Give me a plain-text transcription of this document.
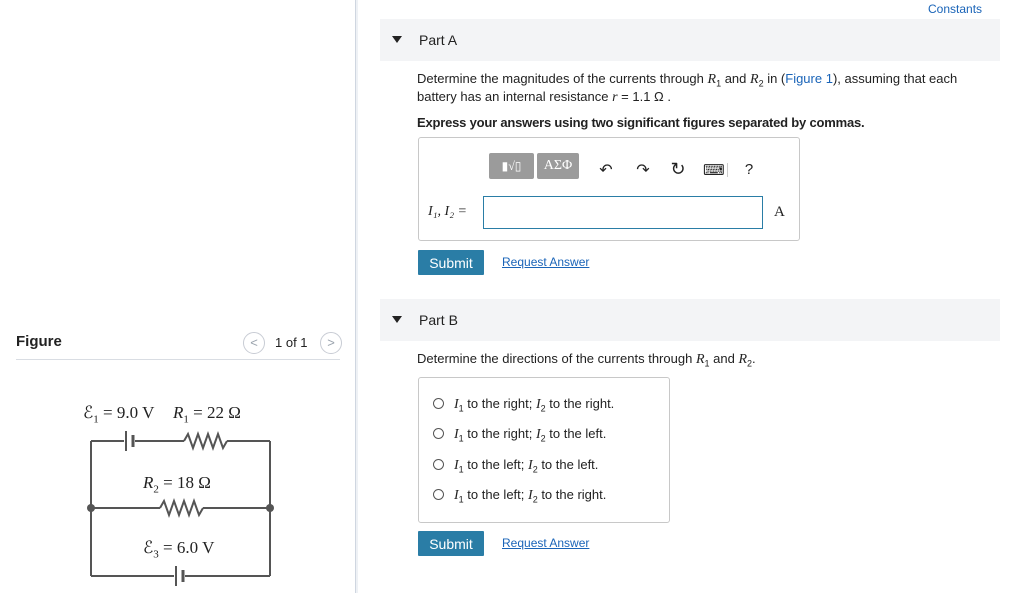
Figure	<	1 of 1	>
ℰ$_1$ = 9.0 V $R_1 = 22$ Ω
$R_2 = 18$ Ω
ℰ$_3$ = 6.0 V
Constants
Part A
Determine the magnitudes of the currents through $R_1$ and $R_2$ in (Figure 1), assuming that each
battery has an internal resistance r = 1.1 Ω .
Express your answers using two significant figures separated by commas.
▮√▯	ΑΣΦ	↶ ↷ ↻ ⌨ ?
I₁, I₂ =	A
Submit	Request Answer
Part B
Determine the directions of the currents through $R_1$ and $R_2$.
$I_1$ to the right; $I_2$ to the right.
$I_1$ to the right; $I_2$ to the left.
$I_1$ to the left; $I_2$ to the left.
$I_1$ to the left; $I_2$ to the right.
Submit	Request Answer
